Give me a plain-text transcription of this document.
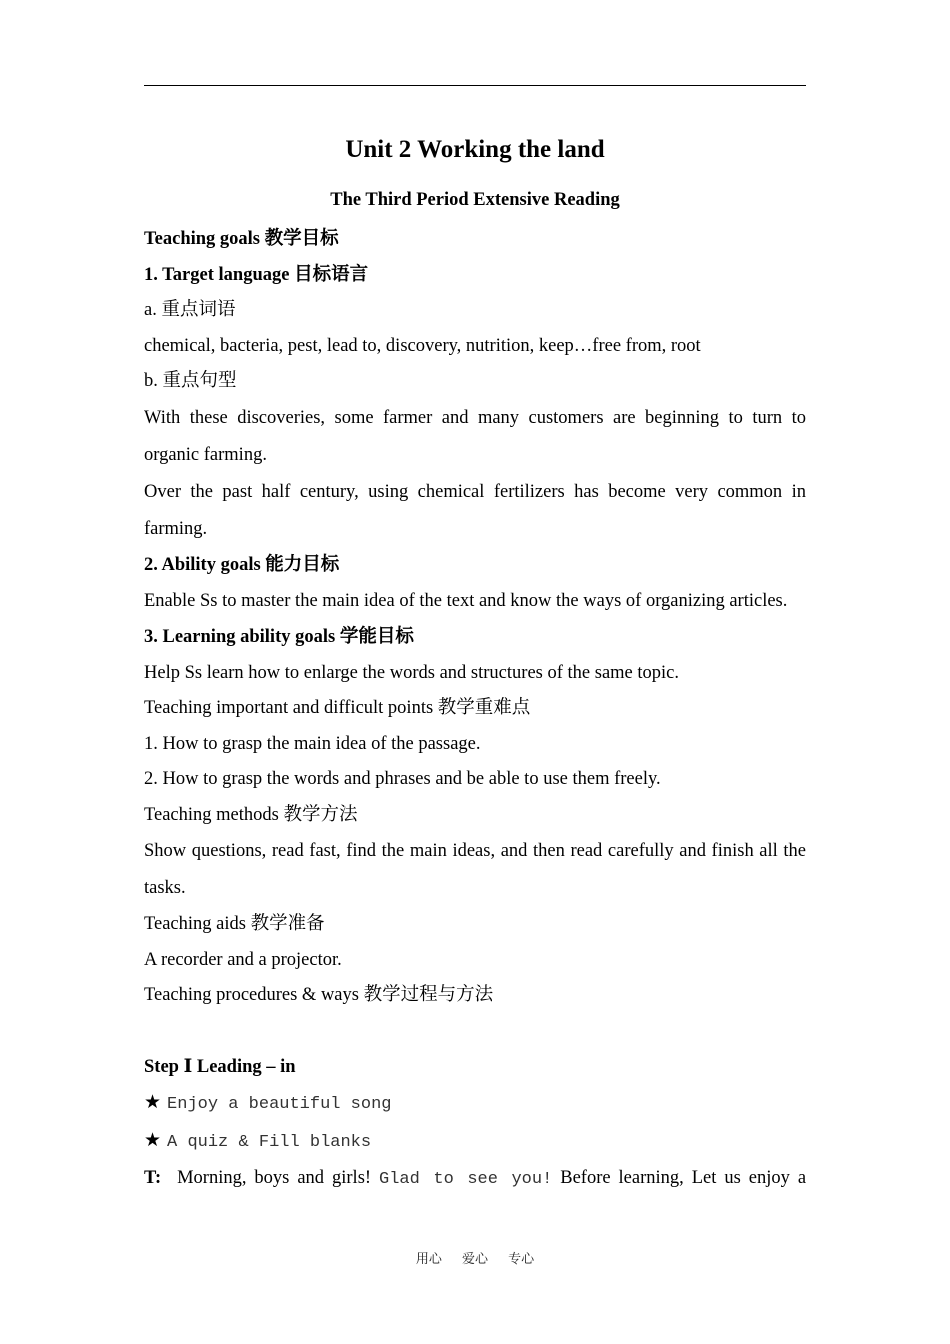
Unit 2 Working the land
The Third Period Extensive Reading

Teaching goals 教学目标

1. Target language 目标语言

a. 重点词语

chemical, bacteria, pest, lead to, discovery, nutrition, keep…free from, root

b. 重点句型

With these discoveries, some farmer and many customers are beginning to turn to organic farming.

Over the past half century, using chemical fertilizers has become very common in farming.

2. Ability goals 能力目标

Enable Ss to master the main idea of the text and know the ways of organizing articles.

3. Learning ability goals 学能目标

Help Ss learn how to enlarge the words and structures of the same topic.

Teaching important and difficult points 教学重难点

1. How to grasp the main idea of the passage.

2. How to grasp the words and phrases and be able to use them freely.

Teaching methods 教学方法

Show questions, read fast, find the main ideas, and then read carefully and finish all the tasks.

Teaching aids 教学准备

A recorder and a projector.

Teaching procedures & ways 教学过程与方法

Step Ⅰ Leading – in

★ Enjoy a beautiful song

★ A quiz & Fill blanks

T: Morning, boys and girls! Glad to see you! Before learning, Let us enjoy a

用心 爱心 专心
